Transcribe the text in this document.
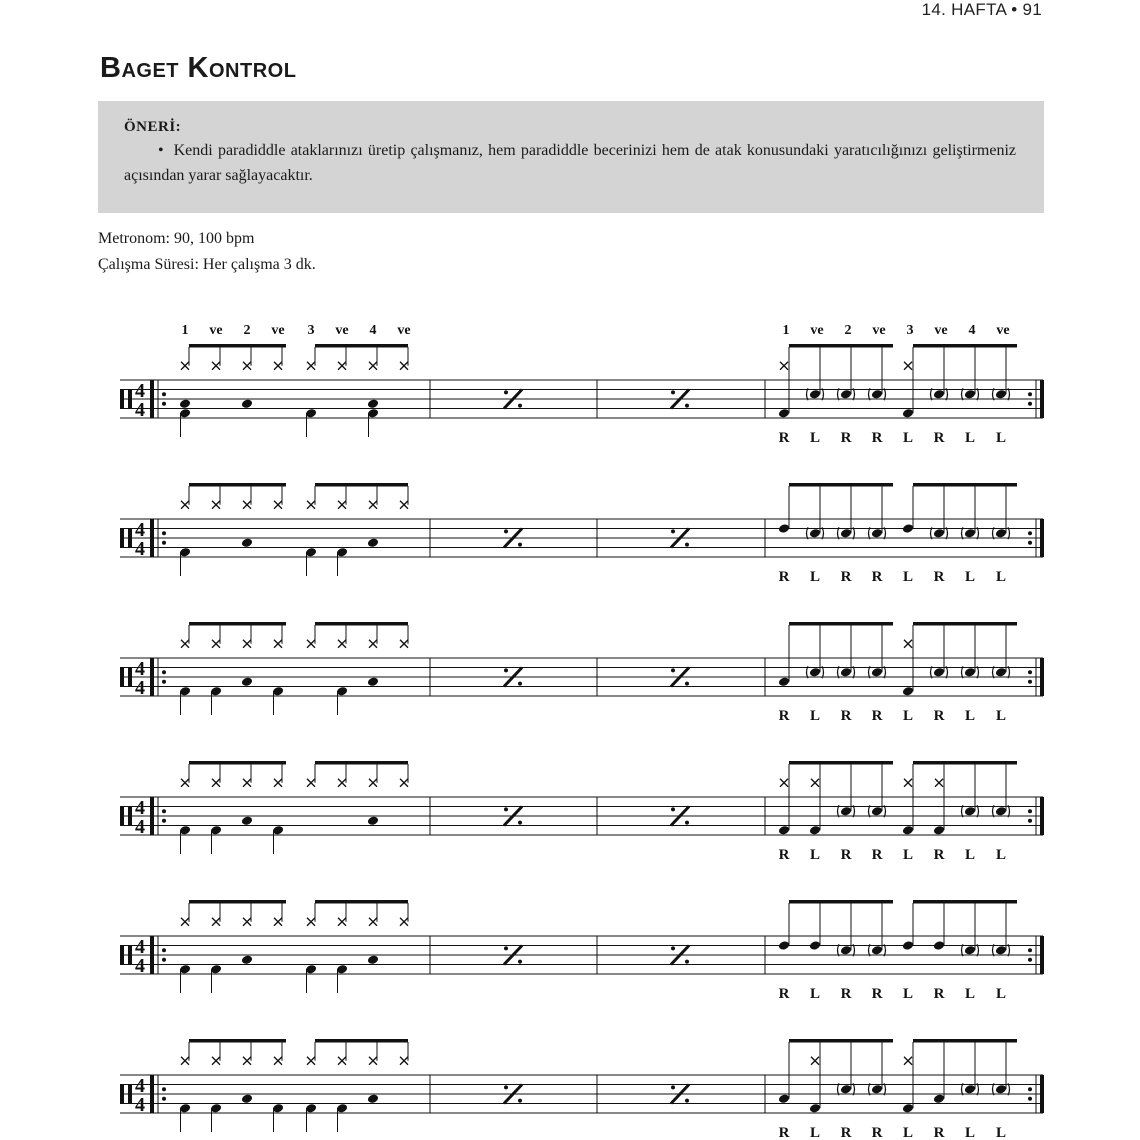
14. HAFTA • 91
Baget Kontrol
ÖNERİ:
• Kendi paradiddle ataklarınızı üretip çalışmanız, hem paradiddle becerinizi hem de atak konusundaki yaratıcılığınızı geliştirmeniz açısından yarar sağlayacaktır.
Metronom: 90, 100 bpm
Çalışma Süresi: Her çalışma 3 dk.
4
4
1 ve 2 ve 3 ve 4 ve	1 ve 2 ve 3 ve 4 ve
R L R R L R L L
4
4
R L R R L R L L
4
4
R L R R L R L L
4
4
R L R R L R L L
4
4
R L R R L R L L
4
4
R L R R L R L L
